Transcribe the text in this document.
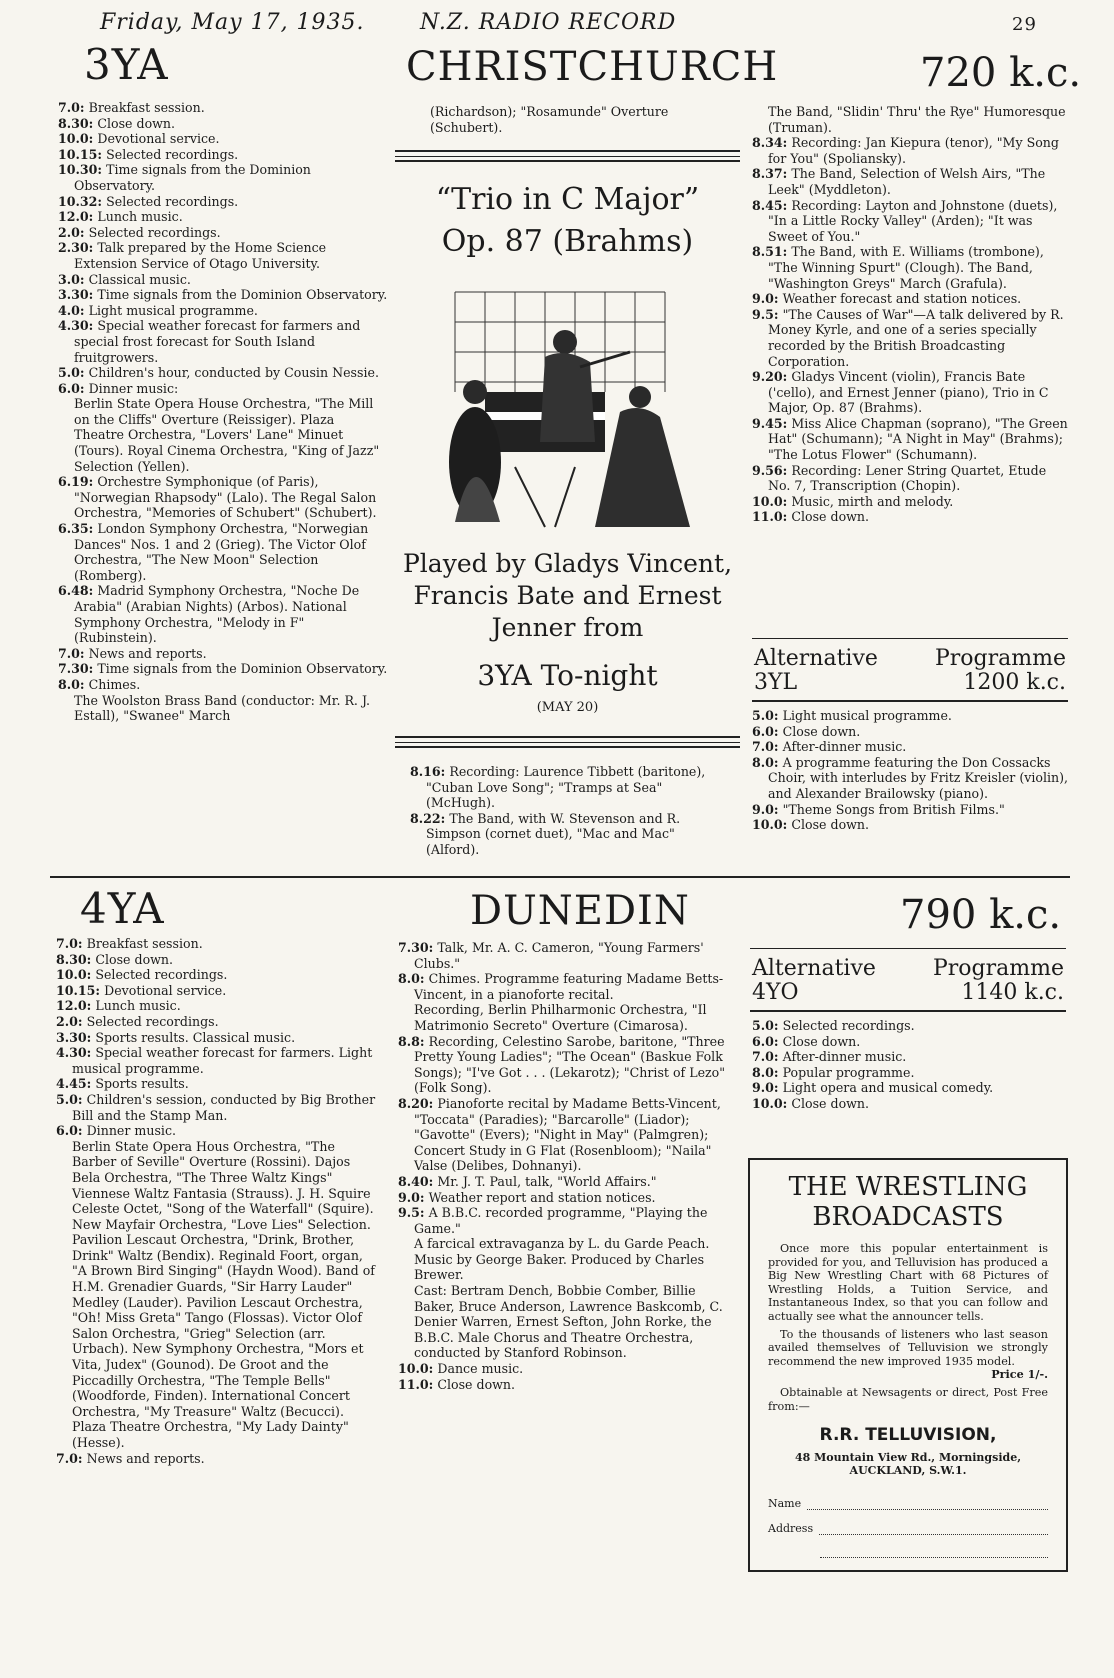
Friday, May 17, 1935.	N.Z. RADIO RECORD	29
3YA	CHRISTCHURCH	720 k.c.

7.0: Breakfast session.

8.30: Close down.

10.0: Devotional service.

10.15: Selected recordings.

10.30: Time signals from the Dominion Observatory.

10.32: Selected recordings.

12.0: Lunch music.

2.0: Selected recordings.

2.30: Talk prepared by the Home Science Extension Service of Otago University.

3.0: Classical music.

3.30: Time signals from the Dominion Observatory.

4.0: Light musical programme.

4.30: Special weather forecast for farmers and special frost forecast for South Island fruitgrowers.

5.0: Children's hour, conducted by Cousin Nessie.

6.0: Dinner music:

Berlin State Opera House Orchestra, "The Mill on the Cliffs" Overture (Reissiger). Plaza Theatre Orchestra, "Lovers' Lane" Minuet (Tours). Royal Cinema Orchestra, "King of Jazz" Selection (Yellen).

6.19: Orchestre Symphonique (of Paris), "Norwegian Rhapsody" (Lalo). The Regal Salon Orchestra, "Memories of Schubert" (Schubert).

6.35: London Symphony Orchestra, "Norwegian Dances" Nos. 1 and 2 (Grieg). The Victor Olof Orchestra, "The New Moon" Selection (Romberg).

6.48: Madrid Symphony Orchestra, "Noche De Arabia" (Arabian Nights) (Arbos). National Symphony Orchestra, "Melody in F" (Rubinstein).

7.0: News and reports.

7.30: Time signals from the Dominion Observatory.

8.0: Chimes.

The Woolston Brass Band (conductor: Mr. R. J. Estall), "Swanee" March

(Richardson); "Rosamunde" Overture (Schubert).

“Trio in C Major”
Op. 87 (Brahms)
Played by Gladys Vincent, Francis Bate and Ernest Jenner from
3YA To-night
(MAY 20)

8.16: Recording: Laurence Tibbett (baritone), "Cuban Love Song"; "Tramps at Sea" (McHugh).

8.22: The Band, with W. Stevenson and R. Simpson (cornet duet), "Mac and Mac" (Alford).

The Band, "Slidin' Thru' the Rye" Humoresque (Truman).

8.34: Recording: Jan Kiepura (tenor), "My Song for You" (Spoliansky).

8.37: The Band, Selection of Welsh Airs, "The Leek" (Myddleton).

8.45: Recording: Layton and Johnstone (duets), "In a Little Rocky Valley" (Arden); "It was Sweet of You."

8.51: The Band, with E. Williams (trombone), "The Winning Spurt" (Clough). The Band, "Washington Greys" March (Grafula).

9.0: Weather forecast and station notices.

9.5: "The Causes of War"—A talk delivered by R. Money Kyrle, and one of a series specially recorded by the British Broadcasting Corporation.

9.20: Gladys Vincent (violin), Francis Bate ('cello), and Ernest Jenner (piano), Trio in C Major, Op. 87 (Brahms).

9.45: Miss Alice Chapman (soprano), "The Green Hat" (Schumann); "A Night in May" (Brahms); "The Lotus Flower" (Schumann).

9.56: Recording: Lener String Quartet, Etude No. 7, Transcription (Chopin).

10.0: Music, mirth and melody.

11.0: Close down.

Alternative	Programme
3YL	1200 k.c.

5.0: Light musical programme.

6.0: Close down.

7.0: After-dinner music.

8.0: A programme featuring the Don Cossacks Choir, with interludes by Fritz Kreisler (violin), and Alexander Brailowsky (piano).

9.0: "Theme Songs from British Films."

10.0: Close down.

4YA	DUNEDIN	790 k.c.

7.0: Breakfast session.

8.30: Close down.

10.0: Selected recordings.

10.15: Devotional service.

12.0: Lunch music.

2.0: Selected recordings.

3.30: Sports results. Classical music.

4.30: Special weather forecast for farmers. Light musical programme.

4.45: Sports results.

5.0: Children's session, conducted by Big Brother Bill and the Stamp Man.

6.0: Dinner music.

Berlin State Opera Hous Orchestra, "The Barber of Seville" Overture (Rossini). Dajos Bela Orchestra, "The Three Waltz Kings" Viennese Waltz Fantasia (Strauss). J. H. Squire Celeste Octet, "Song of the Waterfall" (Squire). New Mayfair Orchestra, "Love Lies" Selection. Pavilion Lescaut Orchestra, "Drink, Brother, Drink" Waltz (Bendix). Reginald Foort, organ, "A Brown Bird Singing" (Haydn Wood). Band of H.M. Grenadier Guards, "Sir Harry Lauder" Medley (Lauder). Pavilion Lescaut Orchestra, "Oh! Miss Greta" Tango (Flossas). Victor Olof Salon Orchestra, "Grieg" Selection (arr. Urbach). New Symphony Orchestra, "Mors et Vita, Judex" (Gounod). De Groot and the Piccadilly Orchestra, "The Temple Bells" (Woodforde, Finden). International Concert Orchestra, "My Treasure" Waltz (Becucci). Plaza Theatre Orchestra, "My Lady Dainty" (Hesse).

7.0: News and reports.

7.30: Talk, Mr. A. C. Cameron, "Young Farmers' Clubs."

8.0: Chimes. Programme featuring Madame Betts-Vincent, in a pianoforte recital.

Recording, Berlin Philharmonic Orchestra, "Il Matrimonio Secreto" Overture (Cimarosa).

8.8: Recording, Celestino Sarobe, baritone, "Three Pretty Young Ladies"; "The Ocean" (Baskue Folk Songs); "I've Got . . . (Lekarotz); "Christ of Lezo" (Folk Song).

8.20: Pianoforte recital by Madame Betts-Vincent, "Toccata" (Paradies); "Barcarolle" (Liador); "Gavotte" (Evers); "Night in May" (Palmgren); Concert Study in G Flat (Rosenbloom); "Naila" Valse (Delibes, Dohnanyi).

8.40: Mr. J. T. Paul, talk, "World Affairs."

9.0: Weather report and station notices.

9.5: A B.B.C. recorded programme, "Playing the Game."

A farcical extravaganza by L. du Garde Peach. Music by George Baker. Produced by Charles Brewer.

Cast: Bertram Dench, Bobbie Comber, Billie Baker, Bruce Anderson, Lawrence Baskcomb, C. Denier Warren, Ernest Sefton, John Rorke, the B.B.C. Male Chorus and Theatre Orchestra, conducted by Stanford Robinson.

10.0: Dance music.

11.0: Close down.

Alternative	Programme
4YO	1140 k.c.

5.0: Selected recordings.

6.0: Close down.

7.0: After-dinner music.

8.0: Popular programme.

9.0: Light opera and musical comedy.

10.0: Close down.

THE WRESTLING
BROADCASTS

Once more this popular entertainment is provided for you, and Telluvision has produced a Big New Wrestling Chart with 68 Pictures of Wrestling Holds, a Tuition Service, and Instantaneous Index, so that you can follow and actually see what the announcer tells.

To the thousands of listeners who last season availed themselves of Telluvision we strongly recommend the new improved 1935 model.

Price 1/-.

Obtainable at Newsagents or direct, Post Free from:—

R.R. TELLUVISION,
48 Mountain View Rd., Morningside,
AUCKLAND, S.W.1.
Name
Address
